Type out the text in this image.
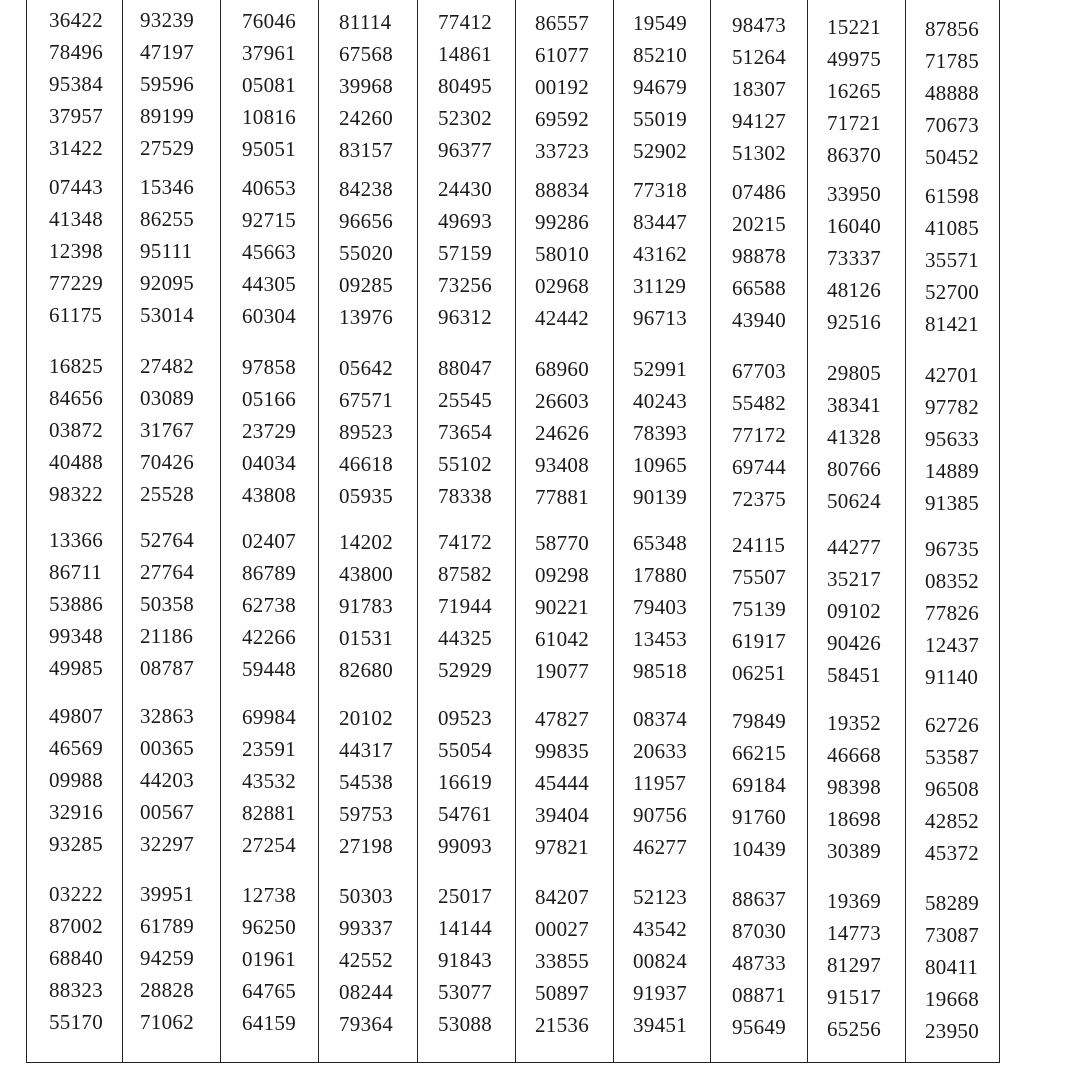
36422 93239 76046 81114 77412 86557 19549 98473 15221 87856
78496 47197 37961 67568 14861 61077 85210 51264 49975 71785
95384 59596 05081 39968 80495 00192 94679 18307 16265 48888
37957 89199 10816 24260 52302 69592 55019 94127 71721 70673
31422 27529 95051 83157 96377 33723 52902 51302 86370 50452
07443 15346 40653 84238 24430 88834 77318 07486 33950 61598
41348 86255 92715 96656 49693 99286 83447 20215 16040 41085
12398 95111 45663 55020 57159 58010 43162 98878 73337 35571
77229 92095 44305 09285 73256 02968 31129 66588 48126 52700
61175 53014 60304 13976 96312 42442 96713 43940 92516 81421
16825 27482 97858 05642 88047 68960 52991 67703 29805 42701
84656 03089 05166 67571 25545 26603 40243 55482 38341 97782
03872 31767 23729 89523 73654 24626 78393 77172 41328 95633
40488 70426 04034 46618 55102 93408 10965 69744 80766 14889
98322 25528 43808 05935 78338 77881 90139 72375 50624 91385
13366 52764 02407 14202 74172 58770 65348 24115 44277 96735
86711 27764 86789 43800 87582 09298 17880 75507 35217 08352
53886 50358 62738 91783 71944 90221 79403 75139 09102 77826
99348 21186 42266 01531 44325 61042 13453 61917 90426 12437
49985 08787 59448 82680 52929 19077 98518 06251 58451 91140
49807 32863 69984 20102 09523 47827 08374 79849 19352 62726
46569 00365 23591 44317 55054 99835 20633 66215 46668 53587
09988 44203 43532 54538 16619 45444 11957 69184 98398 96508
32916 00567 82881 59753 54761 39404 90756 91760 18698 42852
93285 32297 27254 27198 99093 97821 46277 10439 30389 45372
03222 39951 12738 50303 25017 84207 52123 88637 19369 58289
87002 61789 96250 99337 14144 00027 43542 87030 14773 73087
68840 94259 01961 42552 91843 33855 00824 48733 81297 80411
88323 28828 64765 08244 53077 50897 91937 08871 91517 19668
55170 71062 64159 79364 53088 21536 39451 95649 65256 23950
